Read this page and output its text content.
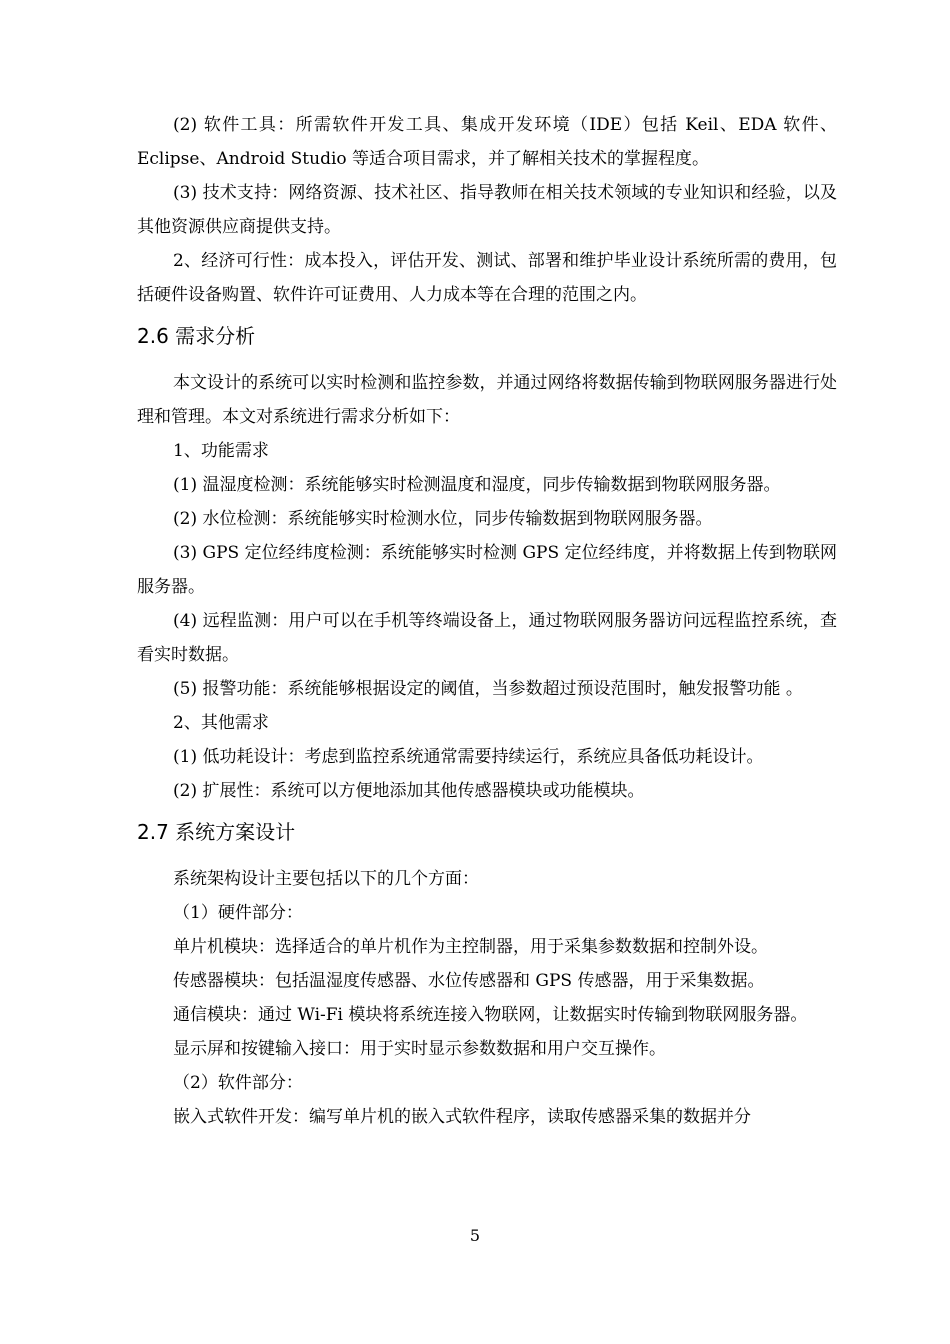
(2) 软件工具：所需软件开发工具、集成开发环境（IDE）包括 Keil、EDA 软件、Eclipse、Android Studio 等适合项目需求，并了解相关技术的掌握程度。

(3) 技术支持：网络资源、技术社区、指导教师在相关技术领域的专业知识和经验，以及其他资源供应商提供支持。

2、经济可行性：成本投入，评估开发、测试、部署和维护毕业设计系统所需的费用，包括硬件设备购置、软件许可证费用、人力成本等在合理的范围之内。

2.6 需求分析

本文设计的系统可以实时检测和监控参数，并通过网络将数据传输到物联网服务器进行处理和管理。本文对系统进行需求分析如下：

1、功能需求

(1) 温湿度检测：系统能够实时检测温度和湿度，同步传输数据到物联网服务器。

(2) 水位检测：系统能够实时检测水位，同步传输数据到物联网服务器。

(3) GPS 定位经纬度检测：系统能够实时检测 GPS 定位经纬度，并将数据上传到物联网服务器。

(4) 远程监测：用户可以在手机等终端设备上，通过物联网服务器访问远程监控系统，查看实时数据。

(5) 报警功能：系统能够根据设定的阈值，当参数超过预设范围时，触发报警功能 。

2、其他需求

(1) 低功耗设计：考虑到监控系统通常需要持续运行，系统应具备低功耗设计。

(2) 扩展性：系统可以方便地添加其他传感器模块或功能模块。

2.7 系统方案设计

系统架构设计主要包括以下的几个方面：

（1）硬件部分：

单片机模块：选择适合的单片机作为主控制器，用于采集参数数据和控制外设。

传感器模块：包括温湿度传感器、水位传感器和 GPS 传感器，用于采集数据。

通信模块：通过 Wi-Fi 模块将系统连接入物联网，让数据实时传输到物联网服务器。

显示屏和按键输入接口：用于实时显示参数数据和用户交互操作。

（2）软件部分：

嵌入式软件开发：编写单片机的嵌入式软件程序，读取传感器采集的数据并分

5
